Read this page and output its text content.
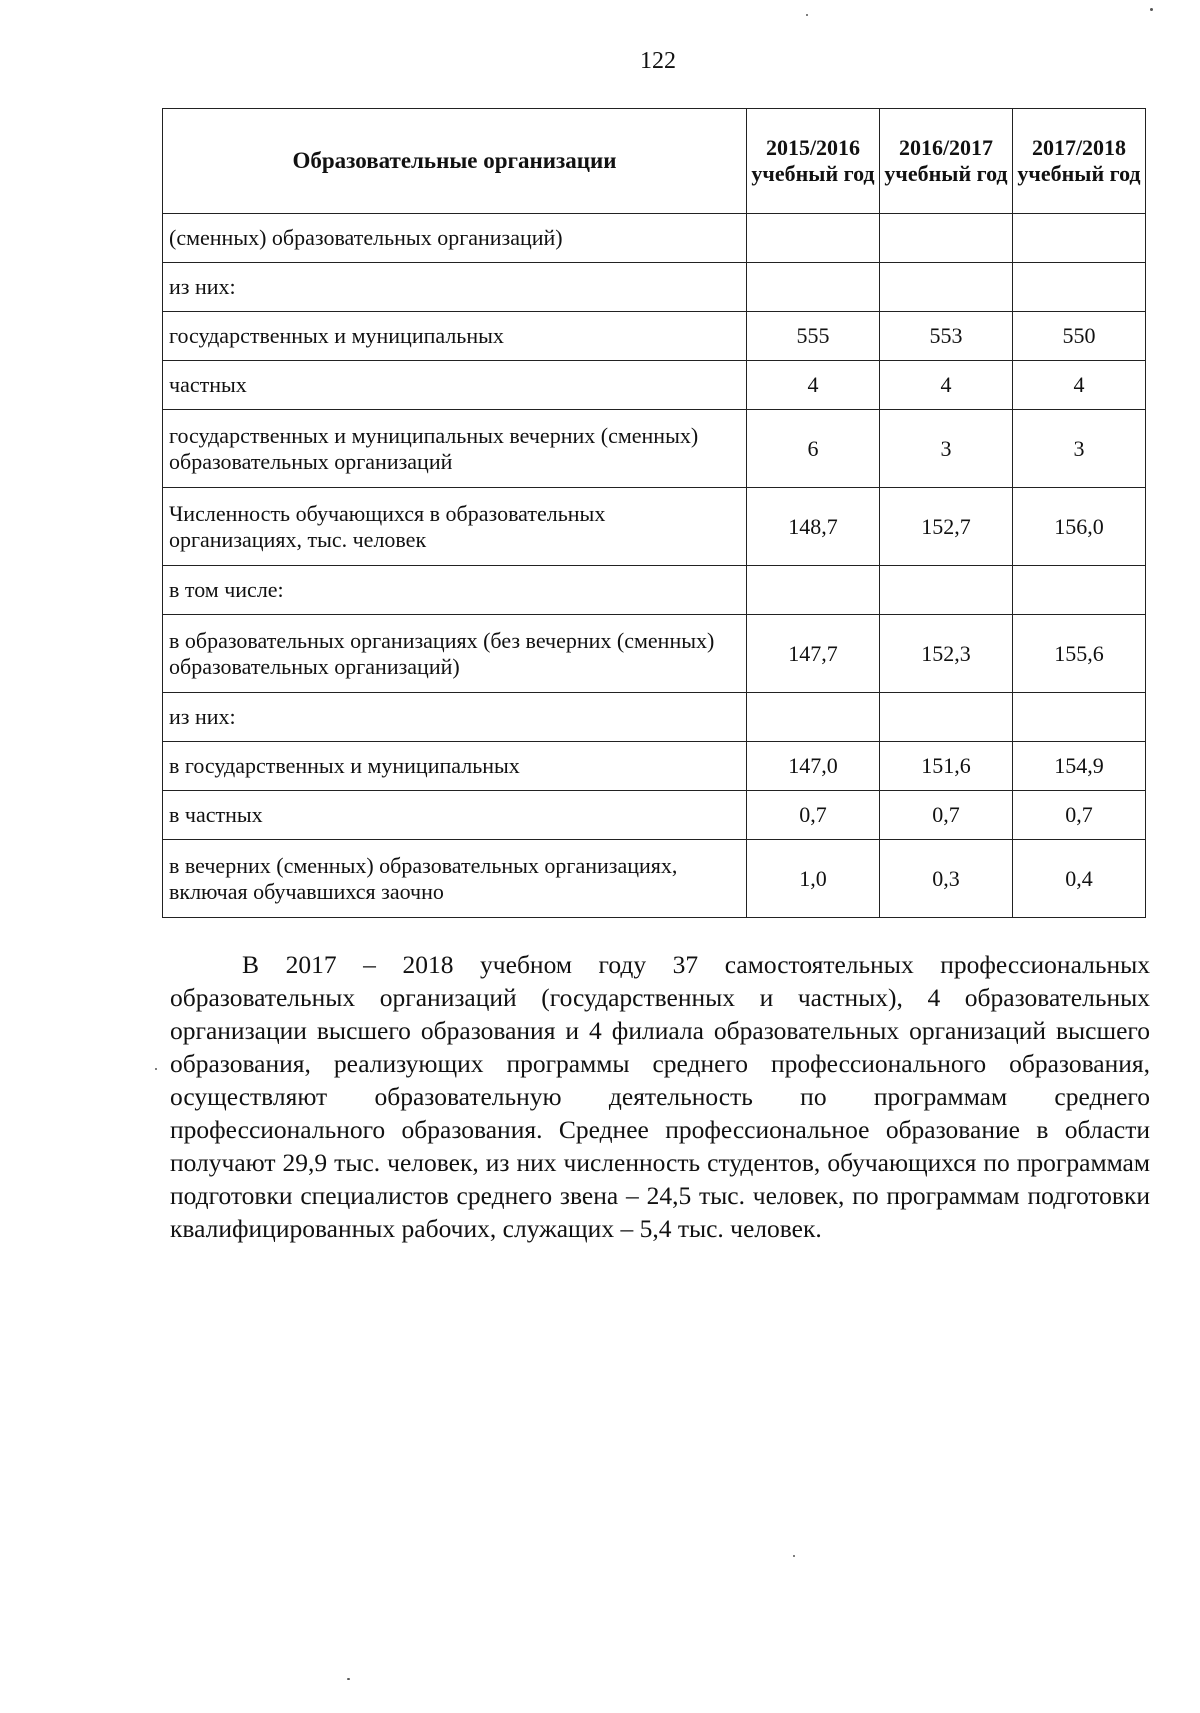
122
Образовательные организации	2015/2016 учебный год	2016/2017 учебный год	2017/2018 учебный год
(сменных) образовательных организаций)			
из них:			
государственных и муниципальных	555	553	550
частных	4	4	4
государственных и муниципальных вечерних (сменных) образовательных организаций	6	3	3
Численность обучающихся в образовательных организациях, тыс. человек	148,7	152,7	156,0
в том числе:			
в образовательных организациях (без вечерних (сменных) образовательных организаций)	147,7	152,3	155,6
из них:			
в государственных и муниципальных	147,0	151,6	154,9
в частных	0,7	0,7	0,7
в вечерних (сменных) образовательных организациях, включая обучавшихся заочно	1,0	0,3	0,4

В 2017 – 2018 учебном году 37 самостоятельных профессиональных образовательных организаций (государственных и частных), 4 образовательных организации высшего образования и 4 филиала образовательных организаций высшего образования, реализующих программы среднего профессионального образования, осуществляют образовательную деятельность по программам среднего профессионального образования. Среднее профессиональное образование в области получают 29,9 тыс. человек, из них численность студентов, обучающихся по программам подготовки специалистов среднего звена – 24,5 тыс. человек, по программам подготовки квалифицированных рабочих, служащих – 5,4 тыс. человек.
